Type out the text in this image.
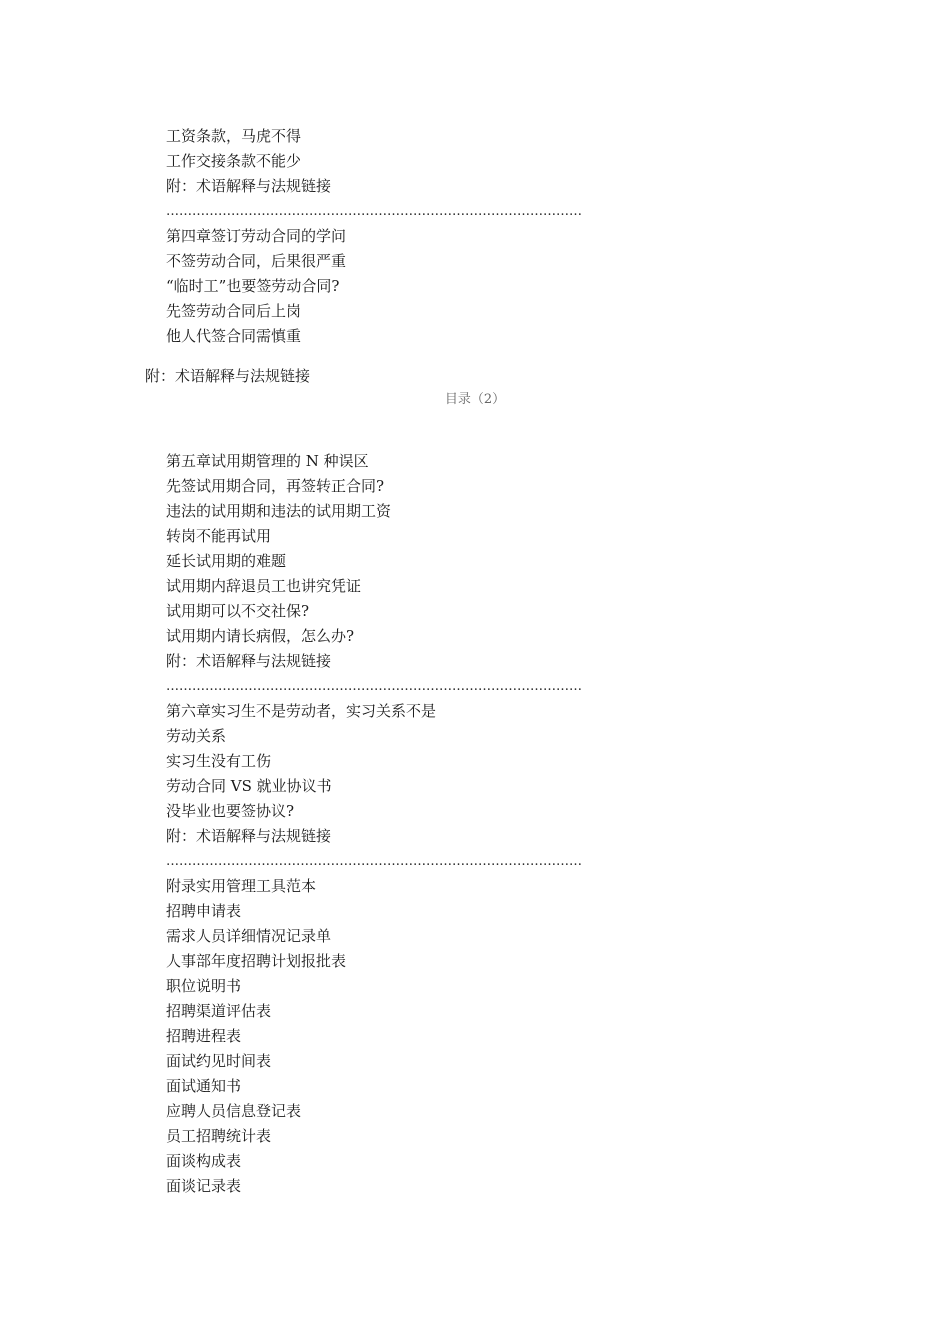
工资条款，马虎不得
工作交接条款不能少
附：术语解释与法规链接
……………………………………………………………………………………
第四章签订劳动合同的学问
不签劳动合同，后果很严重
“临时工”也要签劳动合同?
先签劳动合同后上岗
他人代签合同需慎重
附：术语解释与法规链接
目录（2）
第五章试用期管理的 N 种误区
先签试用期合同，再签转正合同?
违法的试用期和违法的试用期工资
转岗不能再试用
延长试用期的难题
试用期内辞退员工也讲究凭证
试用期可以不交社保?
试用期内请长病假，怎么办?
附：术语解释与法规链接
……………………………………………………………………………………
第六章实习生不是劳动者，实习关系不是
劳动关系
实习生没有工伤
劳动合同 VS 就业协议书
没毕业也要签协议?
附：术语解释与法规链接
……………………………………………………………………………………
附录实用管理工具范本
招聘申请表
需求人员详细情况记录单
人事部年度招聘计划报批表
职位说明书
招聘渠道评估表
招聘进程表
面试约见时间表
面试通知书
应聘人员信息登记表
员工招聘统计表
面谈构成表
面谈记录表
